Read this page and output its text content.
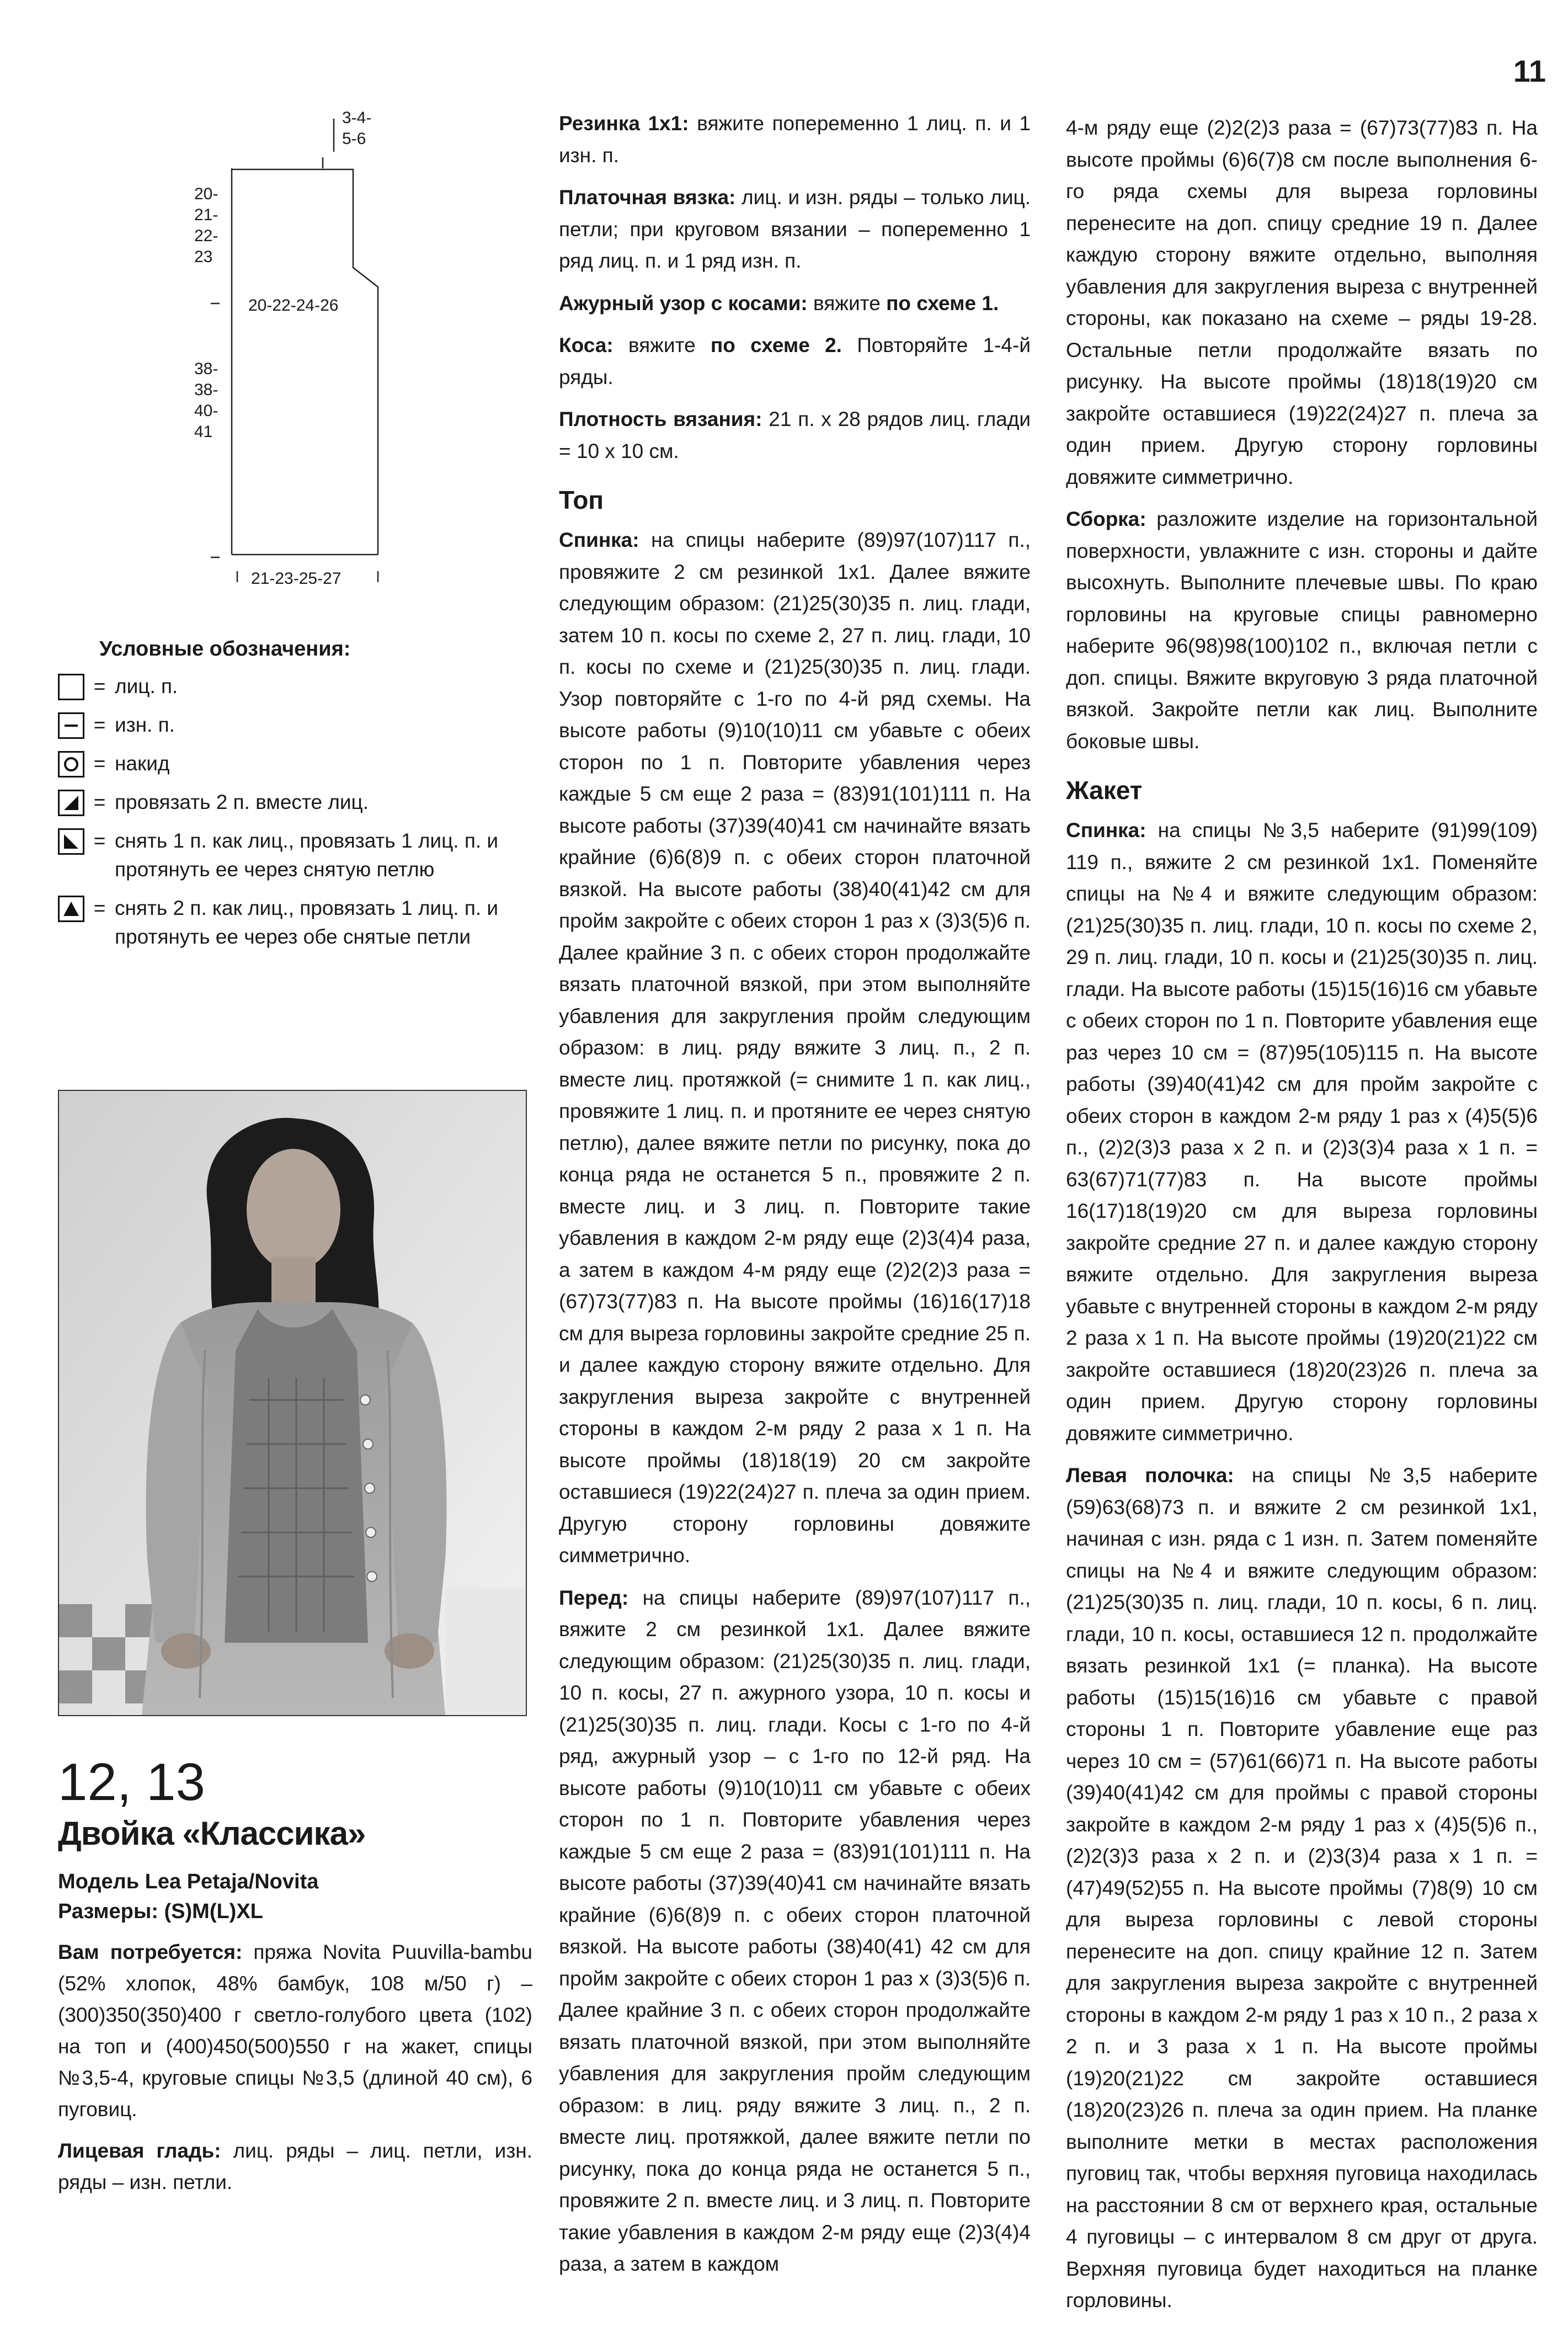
11
3-4-
5-6
20-
21-
22-
23
20-22-24-26
38-
38-
40-
41
21-23-25-27
Условные обозначения:
= лиц. п.
= изн. п.
= накид
= провязать 2 п. вместе лиц.
= снять 1 п. как лиц., провязать 1 лиц. п. и протянуть ее через снятую петлю
= снять 2 п. как лиц., провязать 1 лиц. п. и протянуть ее через обе снятые петли
12, 13
Двойка «Классика»
Модель Lea Petaja/Novita
Размеры: (S)M(L)XL

Вам потребуется: пряжа Novita Puuvilla-bambu (52% хлопок, 48% бамбук, 108 м/50 г) – (300)350(350)400 г светло-голубого цвета (102) на топ и (400)450(500)550 г на жакет, спицы №3,5-4, круговые спицы №3,5 (длиной 40 см), 6 пуговиц.

Лицевая гладь: лиц. ряды – лиц. петли, изн. ряды – изн. петли.

Резинка 1x1: вяжите попеременно 1 лиц. п. и 1 изн. п.

Платочная вязка: лиц. и изн. ряды – только лиц. петли; при круговом вязании – попеременно 1 ряд лиц. п. и 1 ряд изн. п.

Ажурный узор с косами: вяжите по схеме 1.

Коса: вяжите по схеме 2. Повторяйте 1-4-й ряды.

Плотность вязания: 21 п. x 28 рядов лиц. глади = 10 x 10 см.

Топ

Спинка: на спицы наберите (89)97(107)117 п., провяжите 2 см резинкой 1x1. Далее вяжите следующим образом: (21)25(30)35 п. лиц. глади, затем 10 п. косы по схеме 2, 27 п. лиц. глади, 10 п. косы по схеме и (21)25(30)35 п. лиц. глади. Узор повторяйте с 1-го по 4-й ряд схемы. На высоте работы (9)10(10)11 см убавьте с обеих сторон по 1 п. Повторите убавления через каждые 5 см еще 2 раза = (83)91(101)111 п. На высоте работы (37)39(40)41 см начинайте вязать крайние (6)6(8)9 п. с обеих сторон платочной вязкой. На высоте работы (38)40(41)42 см для пройм закройте с обеих сторон 1 раз x (3)3(5)6 п. Далее крайние 3 п. с обеих сторон продолжайте вязать платочной вязкой, при этом выполняйте убавления для закругления пройм следующим образом: в лиц. ряду вяжите 3 лиц. п., 2 п. вместе лиц. протяжкой (= снимите 1 п. как лиц., провяжите 1 лиц. п. и протяните ее через снятую петлю), далее вяжите петли по рисунку, пока до конца ряда не останется 5 п., провяжите 2 п. вместе лиц. и 3 лиц. п. Повторите такие убавления в каждом 2-м ряду еще (2)3(4)4 раза, а затем в каждом 4-м ряду еще (2)2(2)3 раза = (67)73(77)83 п. На высоте проймы (16)16(17)18 см для выреза горловины закройте средние 25 п. и далее каждую сторону вяжите отдельно. Для закругления выреза закройте с внутренней стороны в каждом 2-м ряду 2 раза x 1 п. На высоте проймы (18)18(19) 20 см закройте оставшиеся (19)22(24)27 п. плеча за один прием. Другую сторону горловины довяжите симметрично.

Перед: на спицы наберите (89)97(107)117 п., вяжите 2 см резинкой 1x1. Далее вяжите следующим образом: (21)25(30)35 п. лиц. глади, 10 п. косы, 27 п. ажурного узора, 10 п. косы и (21)25(30)35 п. лиц. глади. Косы с 1-го по 4-й ряд, ажурный узор – с 1-го по 12-й ряд. На высоте работы (9)10(10)11 см убавьте с обеих сторон по 1 п. Повторите убавления через каждые 5 см еще 2 раза = (83)91(101)111 п. На высоте работы (37)39(40)41 см начинайте вязать крайние (6)6(8)9 п. с обеих сторон платочной вязкой. На высоте работы (38)40(41) 42 см для пройм закройте с обеих сторон 1 раз x (3)3(5)6 п. Далее крайние 3 п. с обеих сторон продолжайте вязать платочной вязкой, при этом выполняйте убавления для закругления пройм следующим образом: в лиц. ряду вяжите 3 лиц. п., 2 п. вместе лиц. протяжкой, далее вяжите петли по рисунку, пока до конца ряда не останется 5 п., провяжите 2 п. вместе лиц. и 3 лиц. п. Повторите такие убавления в каждом 2-м ряду еще (2)3(4)4 раза, а затем в каждом

4-м ряду еще (2)2(2)3 раза = (67)73(77)83 п. На высоте проймы (6)6(7)8 см после выполнения 6-го ряда схемы для выреза горловины перенесите на доп. спицу средние 19 п. Далее каждую сторону вяжите отдельно, выполняя убавления для закругления выреза с внутренней стороны, как показано на схеме – ряды 19-28. Остальные петли продолжайте вязать по рисунку. На высоте проймы (18)18(19)20 см закройте оставшиеся (19)22(24)27 п. плеча за один прием. Другую сторону горловины довяжите симметрично.

Сборка: разложите изделие на горизонтальной поверхности, увлажните с изн. стороны и дайте высохнуть. Выполните плечевые швы. По краю горловины на круговые спицы равномерно наберите 96(98)98(100)102 п., включая петли с доп. спицы. Вяжите вкруговую 3 ряда платочной вязкой. Закройте петли как лиц. Выполните боковые швы.

Жакет

Спинка: на спицы №3,5 наберите (91)99(109) 119 п., вяжите 2 см резинкой 1x1. Поменяйте спицы на №4 и вяжите следующим образом: (21)25(30)35 п. лиц. глади, 10 п. косы по схеме 2, 29 п. лиц. глади, 10 п. косы и (21)25(30)35 п. лиц. глади. На высоте работы (15)15(16)16 см убавьте с обеих сторон по 1 п. Повторите убавления еще раз через 10 см = (87)95(105)115 п. На высоте работы (39)40(41)42 см для пройм закройте с обеих сторон в каждом 2-м ряду 1 раз x (4)5(5)6 п., (2)2(3)3 раза x 2 п. и (2)3(3)4 раза x 1 п. = 63(67)71(77)83 п. На высоте проймы 16(17)18(19)20 см для выреза горловины закройте средние 27 п. и далее каждую сторону вяжите отдельно. Для закругления выреза убавьте с внутренней стороны в каждом 2-м ряду 2 раза x 1 п. На высоте проймы (19)20(21)22 см закройте оставшиеся (18)20(23)26 п. плеча за один прием. Другую сторону горловины довяжите симметрично.

Левая полочка: на спицы №3,5 наберите (59)63(68)73 п. и вяжите 2 см резинкой 1x1, начиная с изн. ряда с 1 изн. п. Затем поменяйте спицы на №4 и вяжите следующим образом: (21)25(30)35 п. лиц. глади, 10 п. косы, 6 п. лиц. глади, 10 п. косы, оставшиеся 12 п. продолжайте вязать резинкой 1x1 (= планка). На высоте работы (15)15(16)16 см убавьте с правой стороны 1 п. Повторите убавление еще раз через 10 см = (57)61(66)71 п. На высоте работы (39)40(41)42 см для проймы с правой стороны закройте в каждом 2-м ряду 1 раз x (4)5(5)6 п., (2)2(3)3 раза x 2 п. и (2)3(3)4 раза x 1 п. = (47)49(52)55 п. На высоте проймы (7)8(9) 10 см для выреза горловины с левой стороны перенесите на доп. спицу крайние 12 п. Затем для закругления выреза закройте с внутренней стороны в каждом 2-м ряду 1 раз x 10 п., 2 раза x 2 п. и 3 раза x 1 п. На высоте проймы (19)20(21)22 см закройте оставшиеся (18)20(23)26 п. плеча за один прием. На планке выполните метки в местах расположения пуговиц так, чтобы верхняя пуговица находилась на расстоянии 8 см от верхнего края, остальные 4 пуговицы – с интервалом 8 см друг от друга. Верхняя пуговица будет находиться на планке горловины.
